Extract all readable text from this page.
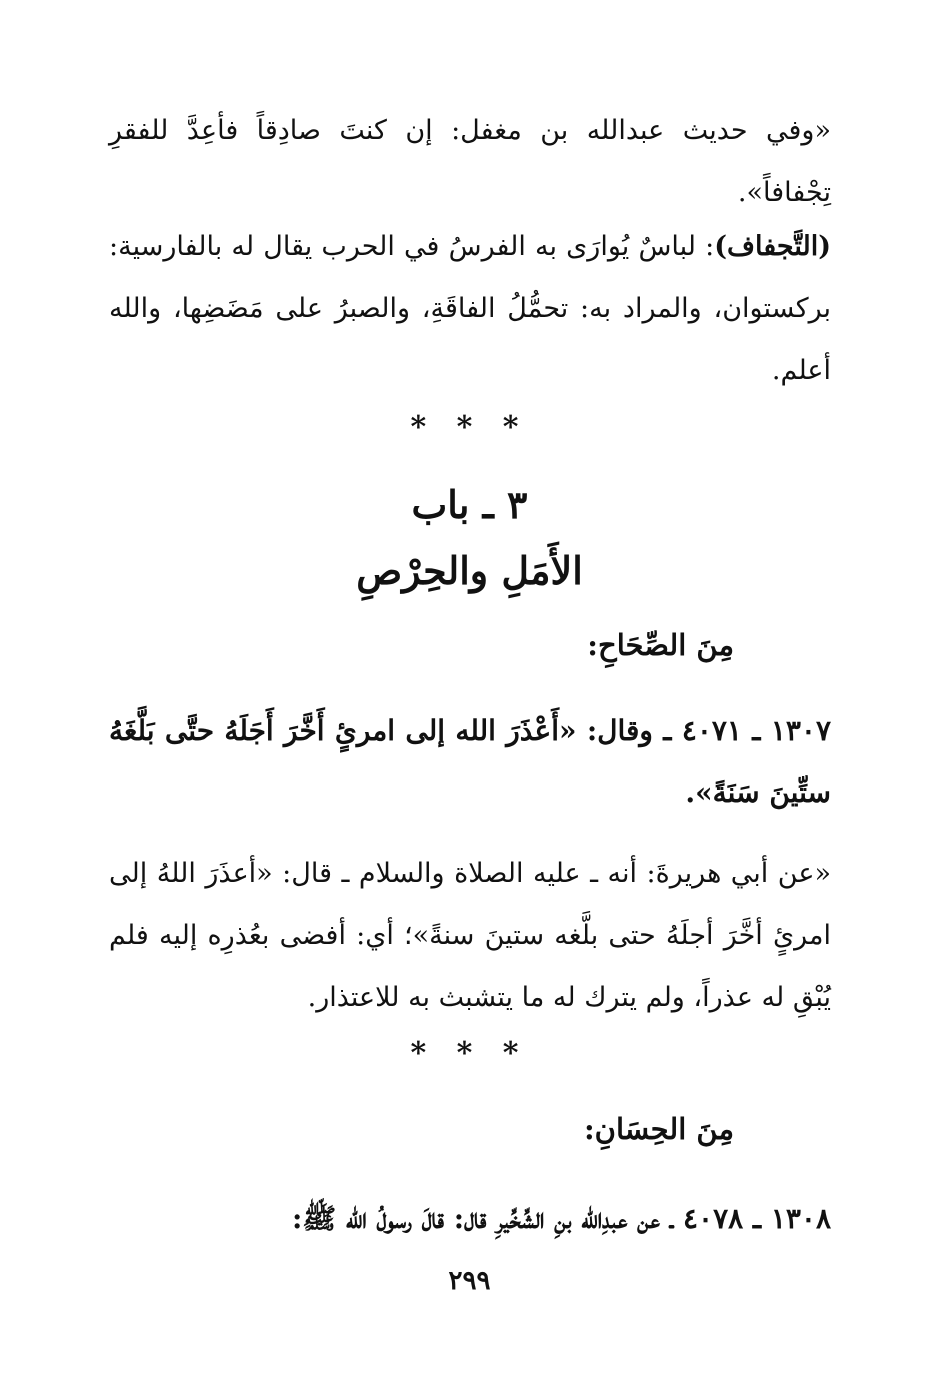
«وفي حديث عبدالله بن مغفل: إن كنتَ صادِقاً فأعِدَّ للفقرِ تِجْفافاً».

(التَّجفاف): لباسٌ يُوارَى به الفرسُ في الحرب يقال له بالفارسية: بركستوان، والمراد به: تحمُّلُ الفاقَةِ، والصبرُ على مَضَضِها، والله أعلم.

* * *
٣ ـ باب
الأَمَلِ والحِرْصِ
مِنَ الصِّحَاحِ:

١٣٠٧ ـ ٤٠٧١ ـ وقال: «أَعْذَرَ الله إلى امرئٍ أَخَّرَ أَجَلَهُ حتَّى بَلَّغَهُ ستِّينَ سَنَةً».

«عن أبي هريرةَ: أنه ـ عليه الصلاة والسلام ـ قال: «أعذَرَ اللهُ إلى امرئٍ أخَّرَ أجلَهُ حتى بلَّغه ستينَ سنةً»؛ أي: أفضى بعُذرِه إليه فلم يُبْقِ له عذراً، ولم يترك له ما يتشبث به للاعتذار.

* * *
مِنَ الحِسَانِ:

١٣٠٨ ـ ٤٠٧٨ ـ عن عبدِالله بنِ الشِّخِّيرِ قال: قالَ رسولُ الله ﷺ:

٢٩٩
